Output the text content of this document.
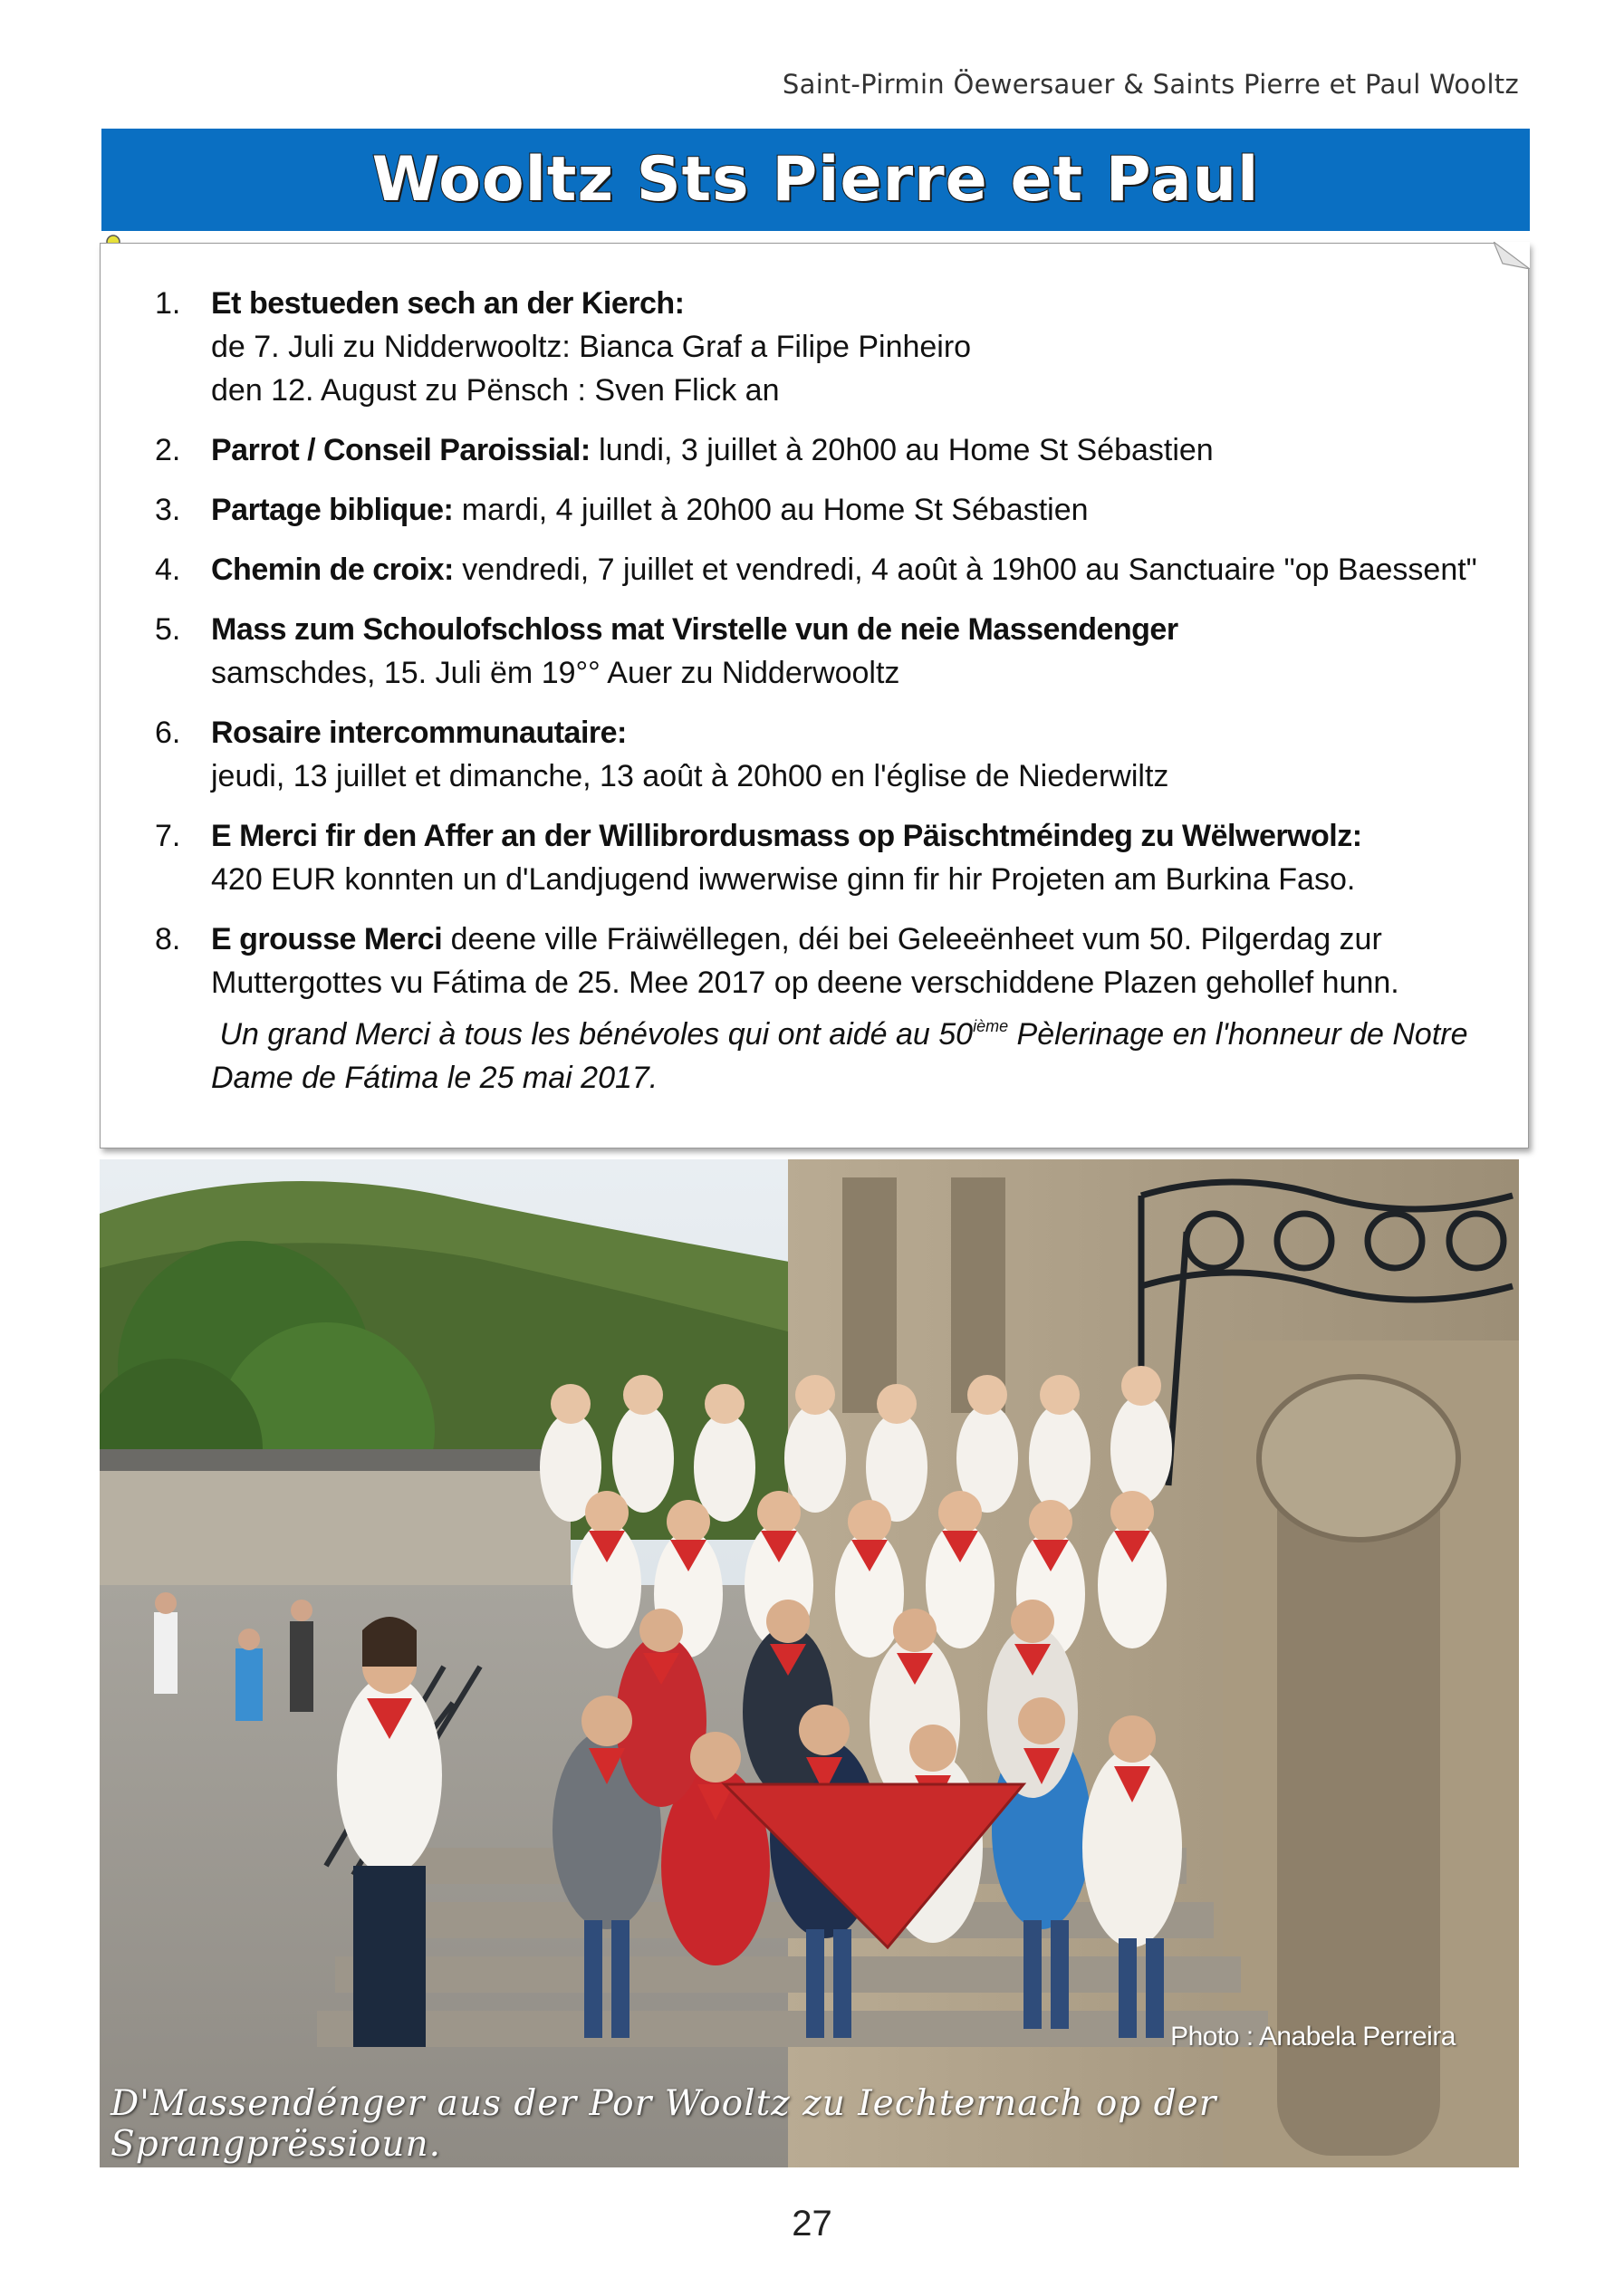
Saint-Pirmin Öewersauer & Saints Pierre et Paul Wooltz
Wooltz Sts Pierre et Paul
1. Et bestueden sech an der Kierch:
de 7. Juli zu Nidderwooltz: Bianca Graf a Filipe Pinheiro
den 12. August zu Pënsch : Sven Flick an
2. Parrot / Conseil Paroissial: lundi, 3 juillet à 20h00 au Home St Sébastien
3. Partage biblique: mardi, 4 juillet à 20h00 au Home St Sébastien
4. Chemin de croix: vendredi, 7 juillet et vendredi, 4 août à 19h00 au Sanctuaire "op Baessent"
5. Mass zum Schoulofschloss mat Virstelle vun de neie Massendenger
samschdes, 15. Juli ëm 19°° Auer zu Nidderwooltz
6. Rosaire intercommunautaire:
jeudi, 13 juillet et dimanche, 13 août à 20h00 en l'église de Niederwiltz
7. E Merci fir den Affer an der Willibrordusmass op Päischtméindeg zu Wëlwerwolz:
420 EUR konnten un d'Landjugend iwwerwise ginn fir hir Projeten am Burkina Faso.
8. E grousse Merci deene ville Fräiwëllegen, déi bei Geleeënheet vum 50. Pilgerdag zur
Muttergottes vu Fátima de 25. Mee 2017 op deene verschiddene Plazen gehollef hunn.
Un grand Merci à tous les bénévoles qui ont aidé au 50ième Pèlerinage en l'honneur de Notre
Dame de Fátima le 25 mai 2017.
Photo : Anabela Perreira
D'Massendénger aus der Por Wooltz zu Iechternach op der Sprangprëssioun.
27
